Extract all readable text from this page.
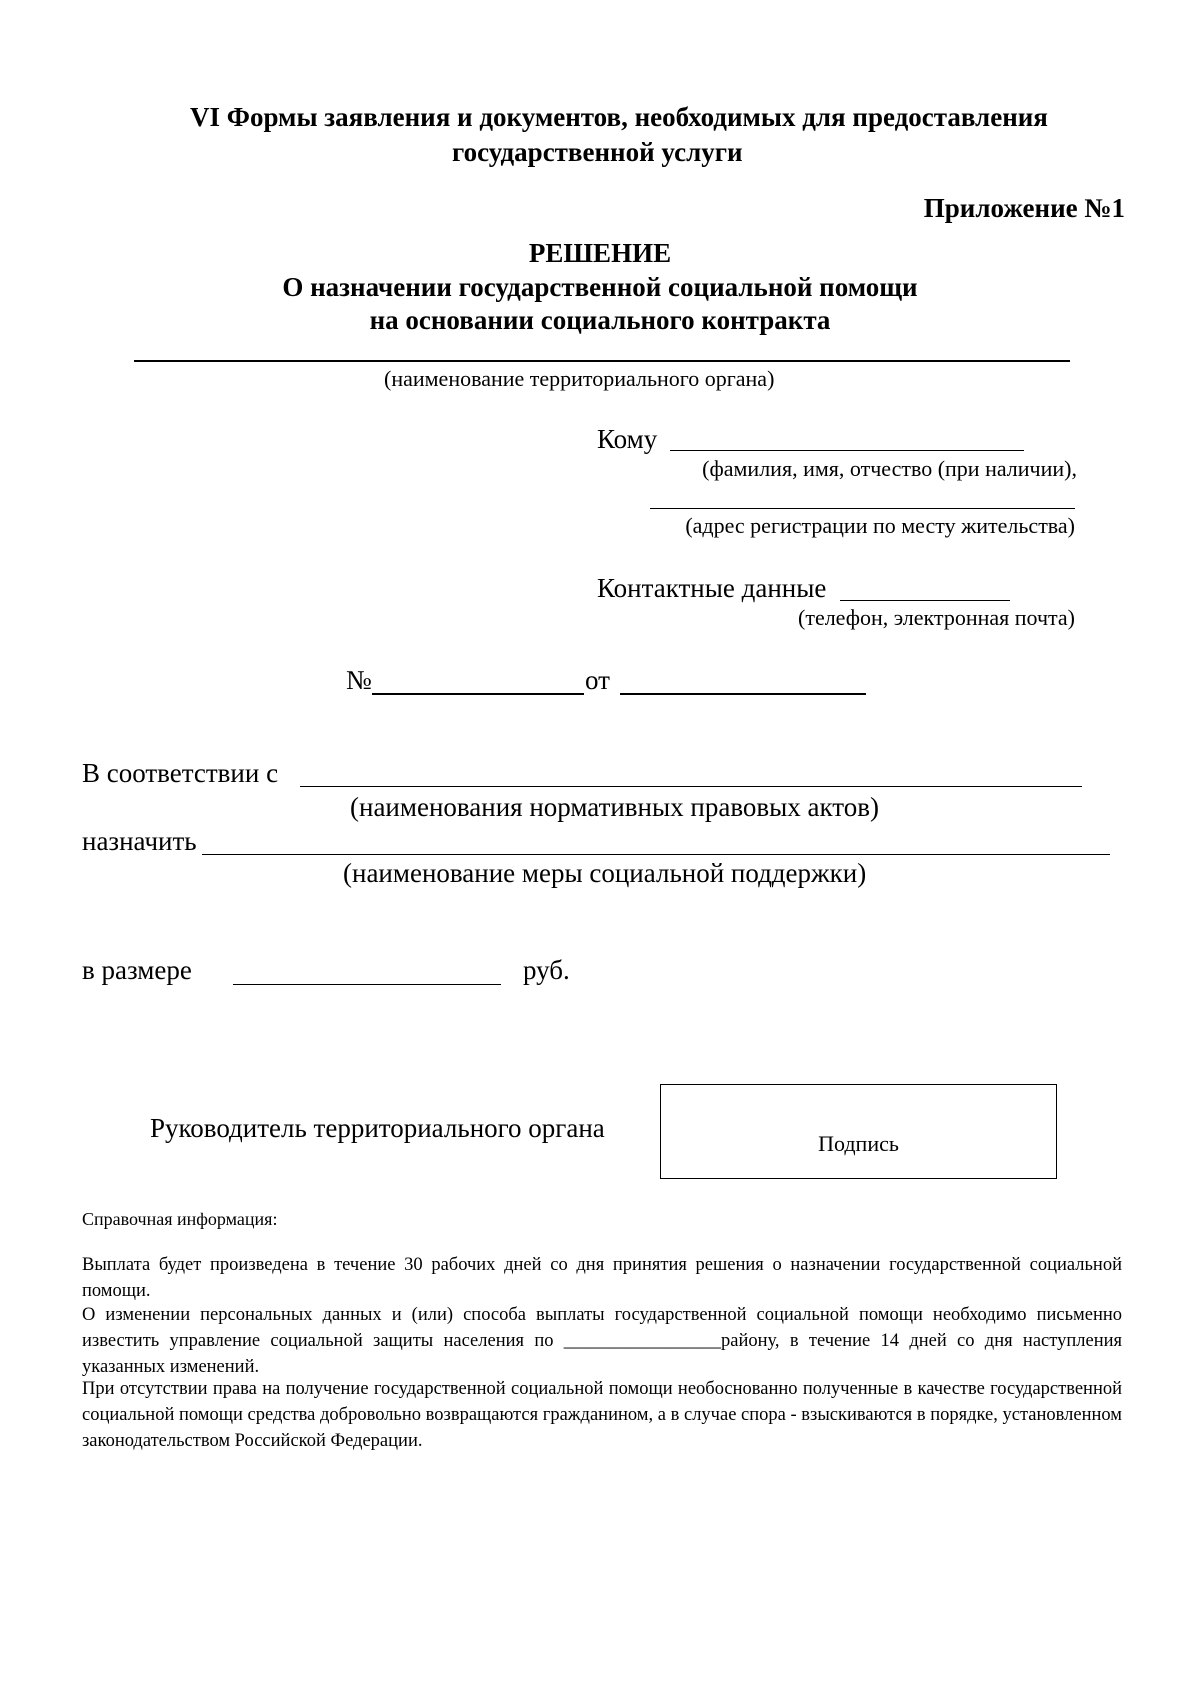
VI Формы заявления и документов, необходимых для предоставления
государственной услуги
Приложение №1
РЕШЕНИЕ
О назначении государственной социальной помощи
на основании социального контракта
(наименование территориального органа)
Кому
(фамилия, имя, отчество (при наличии),
(адрес регистрации по месту жительства)
Контактные данные
(телефон, электронная почта)
№	от
В соответствии с
(наименования нормативных правовых актов)
назначить
(наименование меры социальной поддержки)
в размере	руб.
Руководитель территориального органа
Подпись
Справочная информация:
Выплата будет произведена в течение 30 рабочих дней со дня принятия решения о назначении государственной социальной помощи.
О изменении персональных данных и (или) способа выплаты государственной социальной помощи необходимо письменно известить управление социальной защиты населения по _________________району, в течение 14 дней со дня наступления указанных изменений.
При отсутствии права на получение государственной социальной помощи необоснованно полученные в качестве государственной социальной помощи средства добровольно возвращаются гражданином, а в случае спора - взыскиваются в порядке, установленном законодательством Российской Федерации.
